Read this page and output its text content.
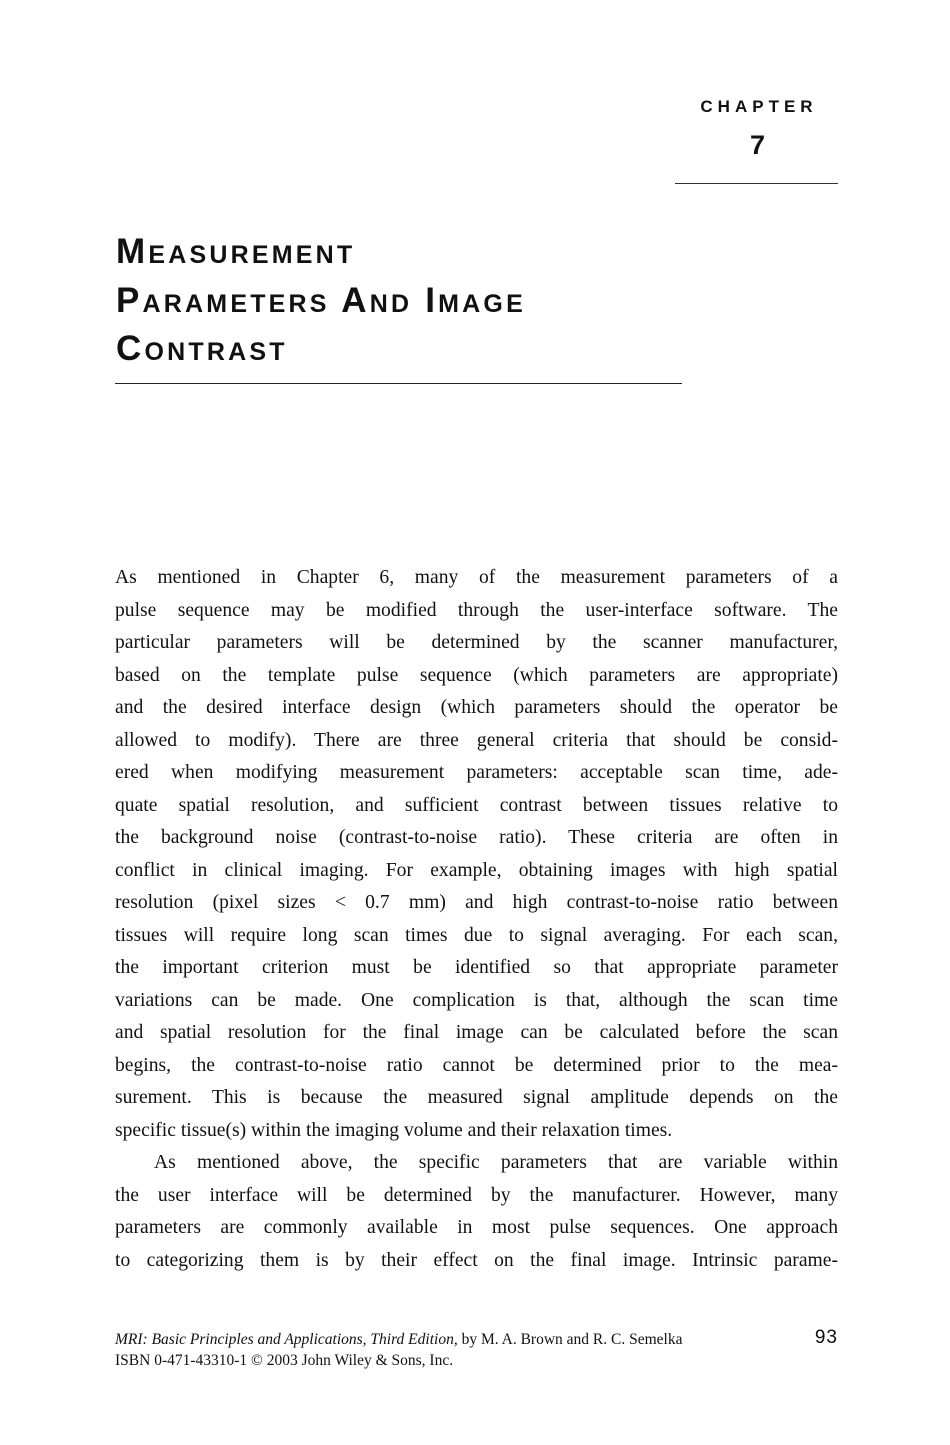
CHAPTER
7
Measurement
Parameters And Image
Contrast
As mentioned in Chapter 6, many of the measurement parameters of a
pulse sequence may be modified through the user-interface software. The
particular parameters will be determined by the scanner manufacturer,
based on the template pulse sequence (which parameters are appropriate)
and the desired interface design (which parameters should the operator be
allowed to modify). There are three general criteria that should be consid-
ered when modifying measurement parameters: acceptable scan time, ade-
quate spatial resolution, and sufficient contrast between tissues relative to
the background noise (contrast-to-noise ratio). These criteria are often in
conflict in clinical imaging. For example, obtaining images with high spatial
resolution (pixel sizes < 0.7 mm) and high contrast-to-noise ratio between
tissues will require long scan times due to signal averaging. For each scan,
the important criterion must be identified so that appropriate parameter
variations can be made. One complication is that, although the scan time
and spatial resolution for the final image can be calculated before the scan
begins, the contrast-to-noise ratio cannot be determined prior to the mea-
surement. This is because the measured signal amplitude depends on the
specific tissue(s) within the imaging volume and their relaxation times.
As mentioned above, the specific parameters that are variable within
the user interface will be determined by the manufacturer. However, many
parameters are commonly available in most pulse sequences. One approach
to categorizing them is by their effect on the final image. Intrinsic parame-
MRI: Basic Principles and Applications, Third Edition, by M. A. Brown and R. C. Semelka
ISBN 0-471-43310-1 © 2003 John Wiley & Sons, Inc.
93
